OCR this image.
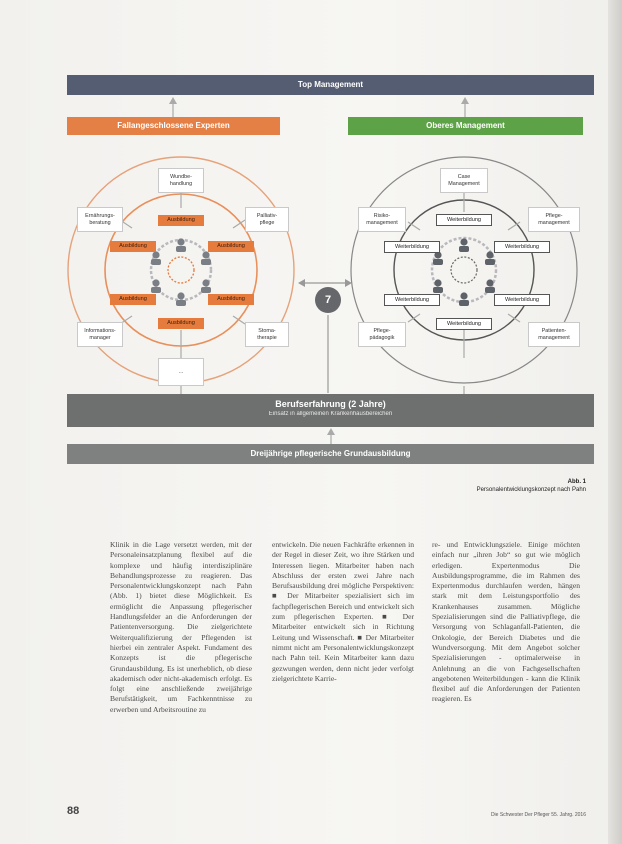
Top Management
Fallangeschlossene Experten	Oberes Management
Wundbe-
handlung
Ernährungs-
beratung
Palliativ-
pflege
Informations-
manager
Stoma-
therapie
...
Ausbildung
Ausbildung	Ausbildung
Ausbildung	Ausbildung
Ausbildung
Case
Management
Risiko-
management
Pflege-
management
Pflege-
pädagogik
Patienten-
management
Weiterbildung
Weiterbildung	Weiterbildung
Weiterbildung	Weiterbildung
Weiterbildung
7
Berufserfahrung (2 Jahre)
Einsatz in allgemeinen Krankenhausbereichen
Dreijährige pflegerische Grundausbildung
Abb. 1
Personalentwicklungskonzept nach Pahn

Klinik in die Lage versetzt werden, mit der Personaleinsatzplanung flexibel auf die komplexe und häufig interdisziplinäre Behandlungsprozesse zu reagieren. Das Personalentwicklungskonzept nach Pahn (Abb. 1) bietet diese Möglichkeit. Es ermöglicht die Anpassung pflegerischer Handlungsfelder an die Anforderungen der Patientenversorgung. Die zielgerichtete Weiterqualifizierung der Pflegenden ist hierbei ein zentraler Aspekt. Fundament des Konzepts ist die pflegerische Grundausbildung. Es ist unerheblich, ob diese akademisch oder nicht-akademisch erfolgt. Es folgt eine anschließende zweijährige Berufstätigkeit, um Fachkenntnisse zu erwerben und Arbeitsroutine zu

entwickeln. Die neuen Fachkräfte erkennen in der Regel in dieser Zeit, wo ihre Stärken und Interessen liegen. Mitarbeiter haben nach Abschluss der ersten zwei Jahre nach Berufsausbildung drei mögliche Perspektiven: ■ Der Mitarbeiter spezialisiert sich im fachpflegerischen Bereich und entwickelt sich zum pflegerischen Experten. ■ Der Mitarbeiter entwickelt sich in Richtung Leitung und Wissenschaft. ■ Der Mitarbeiter nimmt nicht am Personalentwicklungskonzept nach Pahn teil. Kein Mitarbeiter kann dazu gezwungen werden, denn nicht jeder verfolgt zielgerichtete Karrie-

re- und Entwicklungsziele. Einige möchten einfach nur „ihren Job“ so gut wie möglich erledigen. Expertenmodus Die Ausbildungsprogramme, die im Rahmen des Expertenmodus durchlaufen werden, hängen stark mit dem Leistungsportfolio des Krankenhauses zusammen. Mögliche Spezialisierungen sind die Palliativpflege, die Versorgung von Schlaganfall-Patienten, die Onkologie, der Bereich Diabetes und die Wundversorgung. Mit dem Angebot solcher Spezialisierungen - optimalerweise in Anlehnung an die von Fachgesellschaften angebotenen Weiterbildungen - kann die Klinik flexibel auf die Anforderungen der Patienten reagieren. Es

88	Die Schwester Der Pfleger 55. Jahrg. 2016
